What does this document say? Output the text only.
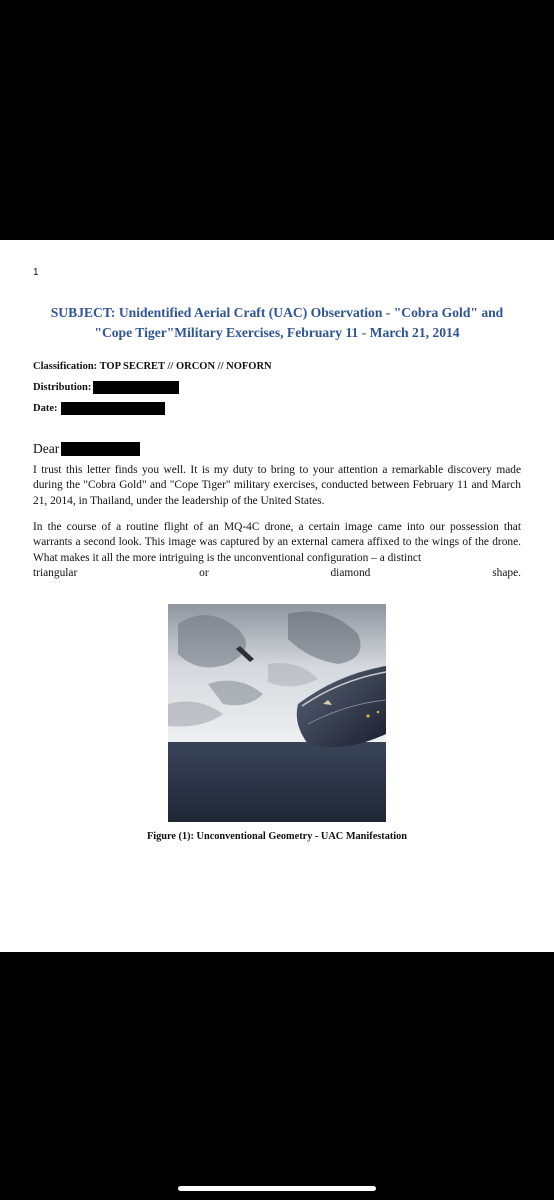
1
SUBJECT: Unidentified Aerial Craft (UAC) Observation - "Cobra Gold" and
"Cope Tiger"Military Exercises, February 11 - March 21, 2014
Classification: TOP SECRET // ORCON // NOFORN
Distribution:
Date:
Dear
I trust this letter finds you well. It is my duty to bring to your attention a remarkable discovery made during the "Cobra Gold" and "Cope Tiger" military exercises, conducted between February 11 and March 21, 2014, in Thailand, under the leadership of the United States.
In the course of a routine flight of an MQ-4C drone, a certain image came into our possession that warrants a second look. This image was captured by an external camera affixed to the wings of the drone. What makes it all the more intriguing is the unconventional configuration – a distinct
triangular	or	diamond	shape.
Figure (1): Unconventional Geometry - UAC Manifestation
